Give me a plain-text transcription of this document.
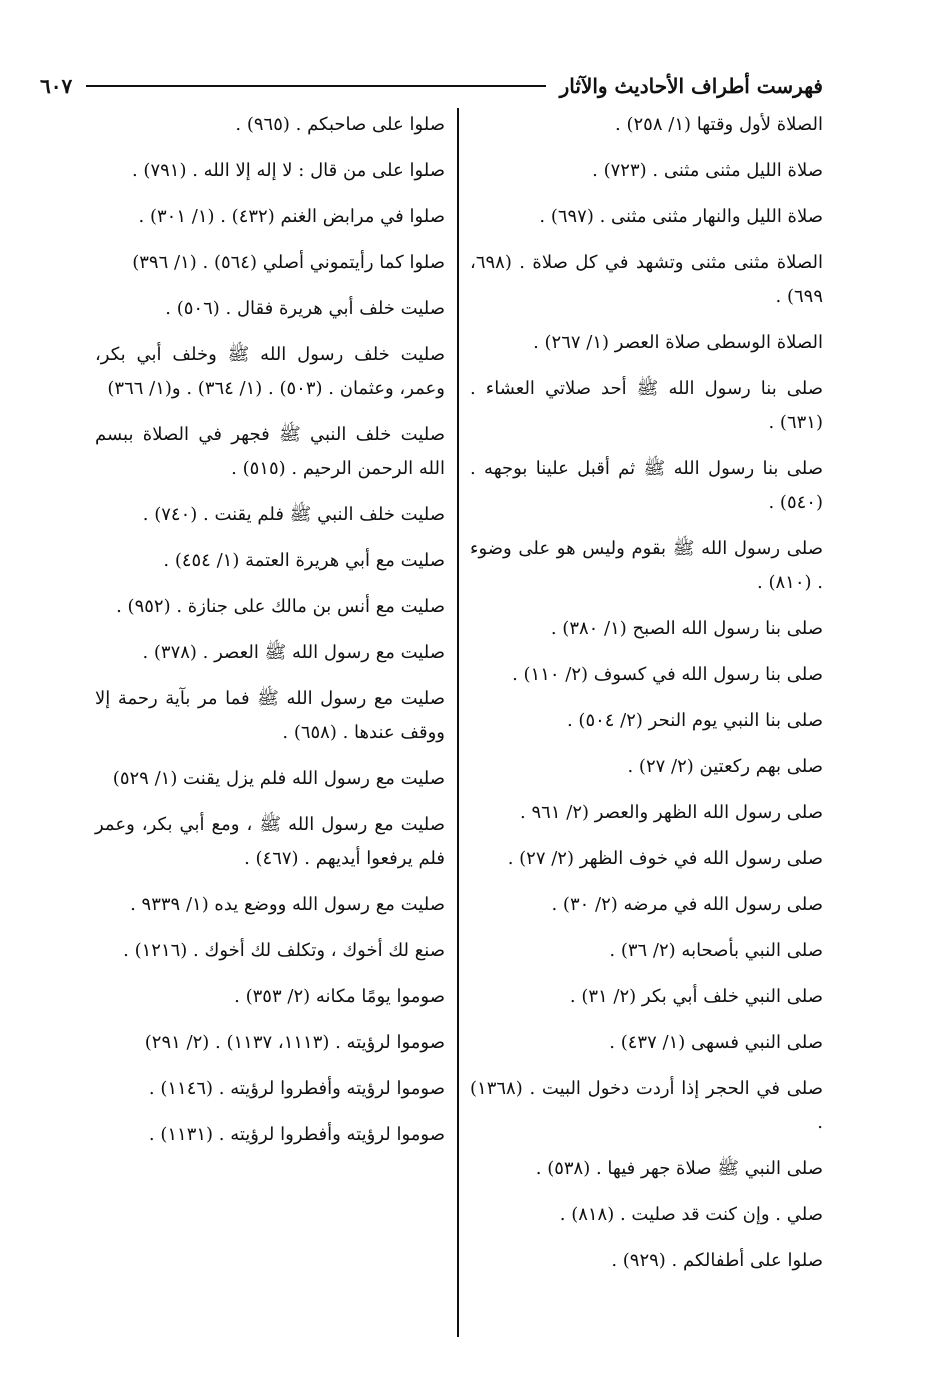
فهرست أطراف الأحاديث والآثار
٦٠٧

الصلاة لأول وقتها (١/ ٢٥٨) .

صلاة الليل مثنى مثنى . (٧٢٣) .

صلاة الليل والنهار مثنى مثنى . (٦٩٧) .

الصلاة مثنى مثنى وتشهد في كل صلاة . (٦٩٨، ٦٩٩) .

الصلاة الوسطى صلاة العصر (١/ ٢٦٧) .

صلى بنا رسول الله ﷺ أحد صلاتي العشاء . (٦٣١) .

صلى بنا رسول الله ﷺ ثم أقبل علينا بوجهه . (٥٤٠) .

صلى رسول الله ﷺ بقوم وليس هو على وضوء . (٨١٠) .

صلى بنا رسول الله الصبح (١/ ٣٨٠) .

صلى بنا رسول الله في كسوف (٢/ ١١٠) .

صلى بنا النبي يوم النحر (٢/ ٥٠٤) .

صلى بهم ركعتين (٢/ ٢٧) .

صلى رسول الله الظهر والعصر (٢/ ٩٦١ .

صلى رسول الله في خوف الظهر (٢/ ٢٧) .

صلى رسول الله في مرضه (٢/ ٣٠) .

صلى النبي بأصحابه (٢/ ٣٦) .

صلى النبي خلف أبي بكر (٢/ ٣١) .

صلى النبي فسهى (١/ ٤٣٧) .

صلى في الحجر إذا أردت دخول البيت . (١٣٦٨) .

صلى النبي ﷺ صلاة جهر فيها . (٥٣٨) .

صلي . وإن كنت قد صليت . (٨١٨) .

صلوا على أطفالكم . (٩٢٩) .

صلوا على صاحبكم . (٩٦٥) .

صلوا على من قال : لا إله إلا الله . (٧٩١) .

صلوا في مرابض الغنم (٤٣٢) . (١/ ٣٠١) .

صلوا كما رأيتموني أصلي (٥٦٤) . (١/ ٣٩٦)

صليت خلف أبي هريرة فقال . (٥٠٦) .

صليت خلف رسول الله ﷺ وخلف أبي بكر، وعمر، وعثمان . (٥٠٣) . (١/ ٣٦٤) . و(١/ ٣٦٦)

صليت خلف النبي ﷺ فجهر في الصلاة ببسم الله الرحمن الرحيم . (٥١٥) .

صليت خلف النبي ﷺ فلم يقنت . (٧٤٠) .

صليت مع أبي هريرة العتمة (١/ ٤٥٤) .

صليت مع أنس بن مالك على جنازة . (٩٥٢) .

صليت مع رسول الله ﷺ العصر . (٣٧٨) .

صليت مع رسول الله ﷺ فما مر بآية رحمة إلا ووقف عندها . (٦٥٨) .

صليت مع رسول الله فلم يزل يقنت (١/ ٥٢٩)

صليت مع رسول الله ﷺ ، ومع أبي بكر، وعمر فلم يرفعوا أيديهم . (٤٦٧) .

صليت مع رسول الله ووضع يده (١/ ٩٣٣٩ .

صنع لك أخوك ، وتكلف لك أخوك . (١٢١٦) .

صوموا يومًا مكانه (٢/ ٣٥٣) .

صوموا لرؤيته . (١١١٣، ١١٣٧) . (٢/ ٢٩١)

صوموا لرؤيته وأفطروا لرؤيته . (١١٤٦) .

صوموا لرؤيته وأفطروا لرؤيته . (١١٣١) .
